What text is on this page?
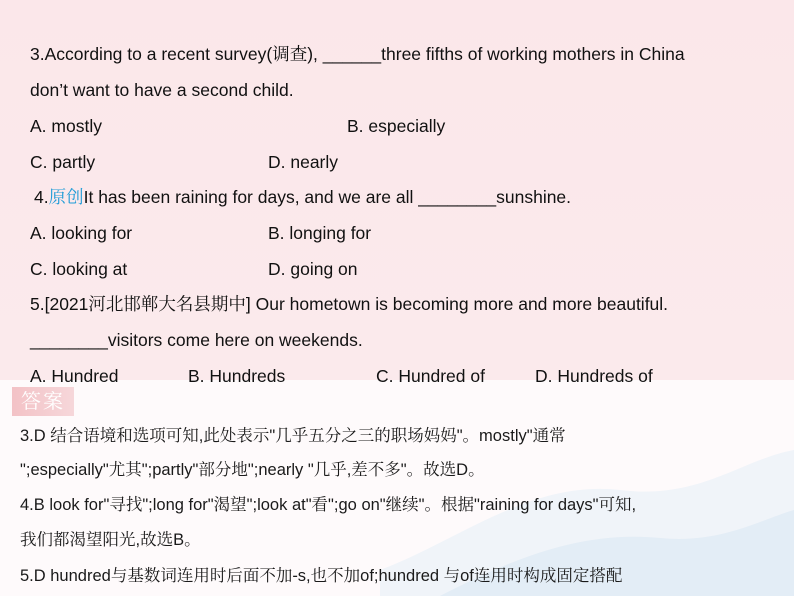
3.According to a recent survey(调查), ______three fifths of working mothers in China
don’t want to have a second child.
A. mostly	B. especially
C. partly	D. nearly
4.原创It has been raining for days, and we are all ________sunshine.
A. looking for	B. longing for
C. looking at	D. going on
5.[2021河北邯郸大名县期中] Our hometown is becoming more and more beautiful.
________visitors come here on weekends.
A. Hundred	B. Hundreds	C. Hundred of	D. Hundreds of
答案
3.D 结合语境和选项可知,此处表示"几乎五分之三的职场妈妈"。mostly"通常
";especially"尤其";partly"部分地";nearly "几乎,差不多"。故选D。
4.B look for"寻找";long for"渴望";look at"看";go on"继续"。根据"raining for days"可知,
我们都渴望阳光,故选B。
5.D hundred与基数词连用时后面不加-s,也不加of;hundred 与of连用时构成固定搭配
